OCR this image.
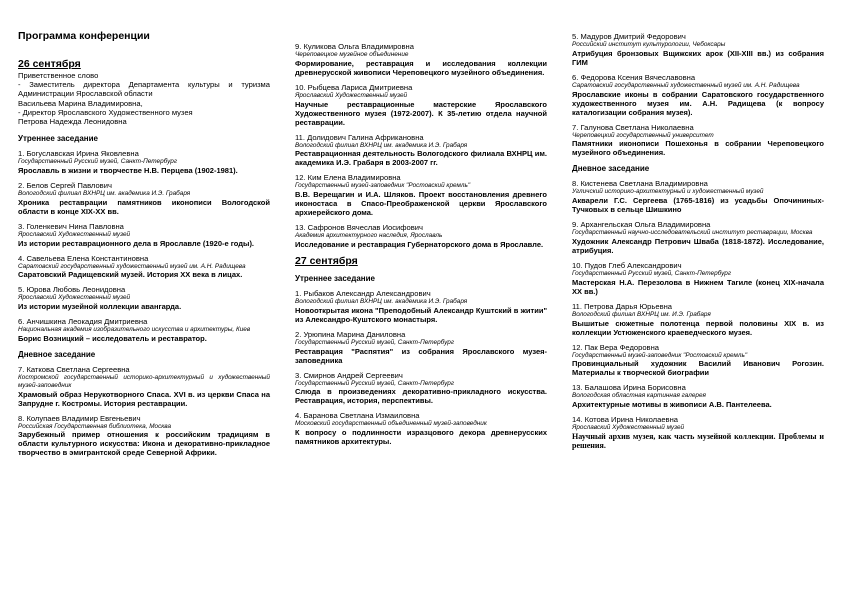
Программа конференции
26 сентября
Приветственное слово
- Заместитель директора Департамента культуры и туризма Администрации Ярославской области
Васильева Марина Владимировна,
- Директор Ярославского Художественного музея
Петрова Надежда Леонидовна
Утреннее заседание
1. Богуславская Ирина Яковлевна
Государственный Русский музей, Санкт-Петербург
Ярославль в жизни и творчестве Н.В. Перцева (1902-1981).
2. Белов Сергей Павлович
Вологодский филиал ВХНРЦ им. академика И.Э. Грабаря
Хроника реставрации памятников иконописи Вологодской области в конце XIX-XX вв.
3. Голенкевич Нина Павловна
Ярославский Художественный музей
Из истории реставрационного дела в Ярославле (1920-е годы).
4. Савельева Елена Константиновна
Саратовский государственный художественный музей им. А.Н. Радищева
Саратовский Радищевский музей. История XX века в лицах.
5. Юрова Любовь Леонидовна
Ярославский Художественный музей
Из истории музейной коллекции авангарда.
6. Анчишкина Леокадия Дмитриевна
Национальная академия изобразительного искусства и архитектуры, Киев
Борис Возницкий – исследователь и реставратор.
Дневное заседание
7. Каткова Светлана Сергеевна
Костромской государственный историко-архитектурный и художественный музей-заповедник
Храмовый образ Нерукотворного Спаса. XVI в. из церкви Спаса на Запрудне г. Костромы. История реставрации.
8. Колупаев Владимир Евгеньевич
Российская Государственная библиотека, Москва
Зарубежный пример отношения к российским традициям в области культурного искусства: Икона и декоративно-прикладное творчество в эмигрантской среде Северной Африки.
9. Куликова Ольга Владимировна
Череповецкое музейное объединение
Формирование, реставрация и исследования коллекции древнерусской живописи Череповецкого музейного объединения.
10. Рыбцева Лариса Дмитриевна
Ярославский Художественный музей
Научные реставрационные мастерские Ярославского Художественного музея (1972-2007). К 35-летию отдела научной реставрации.
11. Долидович Галина Африкановна
Вологодский филиал ВХНРЦ им. академика И.Э. Грабаря
Реставрационная деятельность Вологодского филиала ВХНРЦ им. академика И.Э. Грабаря в 2003-2007 гг.
12. Ким Елена Владимировна
Государственный музей-заповедник "Ростовский кремль"
В.В. Верещагин и И.А. Шляков. Проект восстановления древнего иконостаса в Спасо-Преображенской церкви Ярославского архиерейского дома.
13. Сафронов Вячеслав Иосифович
Академия архитектурного наследия, Ярославль
Исследование и реставрация Губернаторского дома в Ярославле.
27 сентября
Утреннее заседание
1. Рыбаков Александр Александрович
Вологодский филиал ВХНРЦ им. академика И.Э. Грабаря
Новооткрытая икона "Преподобный Александр Куштский в житии" из Александро-Куштского монастыря.
2. Урюпина Марина Даниловна
Государственный Русский музей, Санкт-Петербург
Реставрация "Распятия" из собрания Ярославского музея-заповедника
3. Смирнов Андрей Сергеевич
Государственный Русский музей, Санкт-Петербург
Слюда в произведениях декоративно-прикладного искусства. Реставрация, история, перспективы.
4. Баранова Светлана Измаиловна
Московский государственный объединенный музей-заповедник
К вопросу о подлинности изразцового декора древнерусских памятников архитектуры.
5. Мадуров Дмитрий Федорович
Российский институт культурологии, Чебоксары
Атрибуция бронзовых Вщижских арок (XII-XIII вв.) из собрания ГИМ
6. Федорова Ксения Вячеславовна
Саратовский государственный художественный музей им. А.Н. Радищева
Ярославские иконы в собрании Саратовского государственного художественного музея им. А.Н. Радищева (к вопросу каталогизации собрания музея).
7. Галунова Светлана Николаевна
Череповецкий государственный университет
Памятники иконописи Пошехонья в собрании Череповецкого музейного объединения.
Дневное заседание
8. Кистенева Светлана Владимировна
Угличский историко-архитектурный и художественный музей
Акварели Г.С. Сергеева (1765-1816) из усадьбы Опочининых-Тучковых в сельце Шишкино
9. Архангельская Ольга Владимировна
Государственный научно-исследовательский институт реставрации, Москва
Художник Александр Петрович Шваба (1818-1872). Исследование, атрибуция.
10. Пудов Глеб Александрович
Государственный Русский музей, Санкт-Петербург
Мастерская Н.А. Перезолова в Нижнем Тагиле (конец XIX-начала XX вв.)
11. Петрова Дарья Юрьевна
Вологодский филиал ВХНРЦ им. И.Э. Грабаря
Вышитые сюжетные полотенца первой половины XIX в. из коллекции Устюженского краеведческого музея.
12. Пак Вера Федоровна
Государственный музей-заповедник "Ростовский кремль"
Провинциальный художник Василий Иванович Рогозин. Материалы к творческой биографии
13. Балашова Ирина Борисовна
Вологодская областная картинная галерея
Архитектурные мотивы в живописи А.В. Пантелеева.
14. Котова Ирина Николаевна
Ярославский Художественный музей
Научный архив музея, как часть музейной коллекции. Проблемы и решения.
